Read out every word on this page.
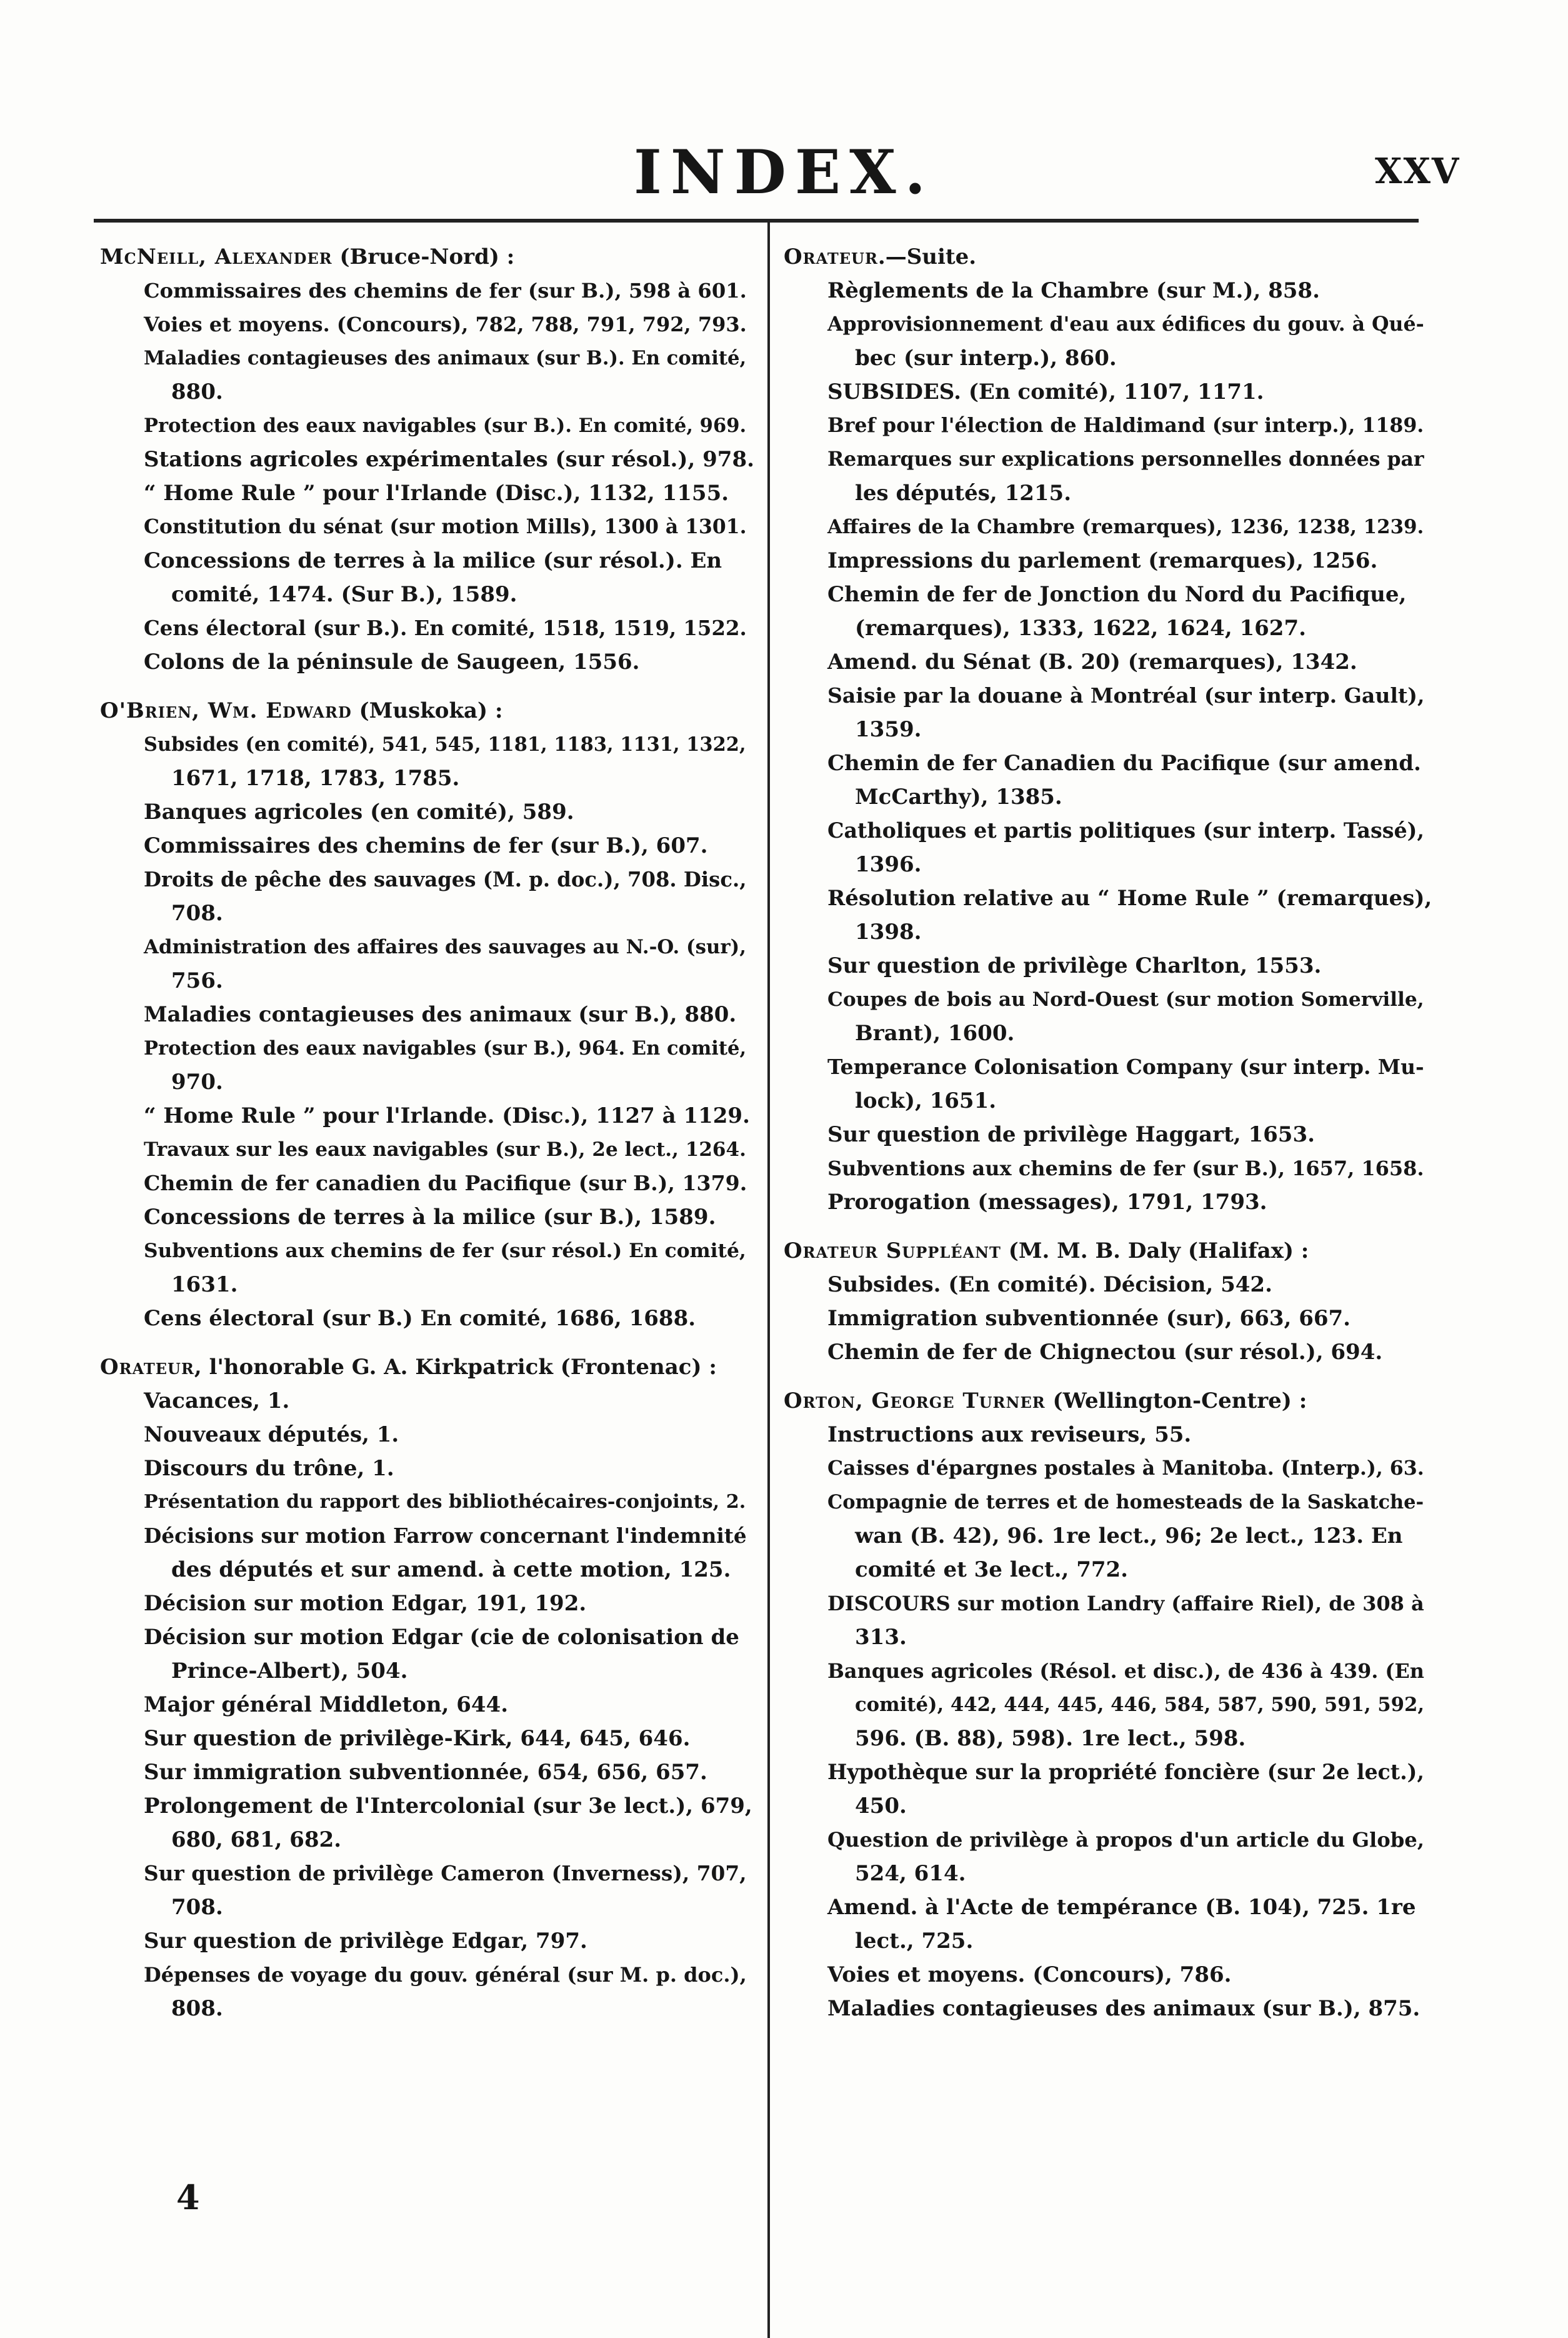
INDEX.	XXV
McNeill, Alexander (Bruce-Nord) :
Commissaires des chemins de fer (sur B.), 598 à 601.
Voies et moyens. (Concours), 782, 788, 791, 792, 793.
Maladies contagieuses des animaux (sur B.). En comité,
880.
Protection des eaux navigables (sur B.). En comité, 969.
Stations agricoles expérimentales (sur résol.), 978.
“ Home Rule ” pour l'Irlande (Disc.), 1132, 1155.
Constitution du sénat (sur motion Mills), 1300 à 1301.
Concessions de terres à la milice (sur résol.). En
comité, 1474. (Sur B.), 1589.
Cens électoral (sur B.). En comité, 1518, 1519, 1522.
Colons de la péninsule de Saugeen, 1556.
O'Brien, Wm. Edward (Muskoka) :
Subsides (en comité), 541, 545, 1181, 1183, 1131, 1322,
1671, 1718, 1783, 1785.
Banques agricoles (en comité), 589.
Commissaires des chemins de fer (sur B.), 607.
Droits de pêche des sauvages (M. p. doc.), 708. Disc.,
708.
Administration des affaires des sauvages au N.-O. (sur),
756.
Maladies contagieuses des animaux (sur B.), 880.
Protection des eaux navigables (sur B.), 964. En comité,
970.
“ Home Rule ” pour l'Irlande. (Disc.), 1127 à 1129.
Travaux sur les eaux navigables (sur B.), 2e lect., 1264.
Chemin de fer canadien du Pacifique (sur B.), 1379.
Concessions de terres à la milice (sur B.), 1589.
Subventions aux chemins de fer (sur résol.) En comité,
1631.
Cens électoral (sur B.) En comité, 1686, 1688.
Orateur, l'honorable G. A. Kirkpatrick (Frontenac) :
Vacances, 1.
Nouveaux députés, 1.
Discours du trône, 1.
Présentation du rapport des bibliothécaires-conjoints, 2.
Décisions sur motion Farrow concernant l'indemnité
des députés et sur amend. à cette motion, 125.
Décision sur motion Edgar, 191, 192.
Décision sur motion Edgar (cie de colonisation de
Prince-Albert), 504.
Major général Middleton, 644.
Sur question de privilège-Kirk, 644, 645, 646.
Sur immigration subventionnée, 654, 656, 657.
Prolongement de l'Intercolonial (sur 3e lect.), 679,
680, 681, 682.
Sur question de privilège Cameron (Inverness), 707,
708.
Sur question de privilège Edgar, 797.
Dépenses de voyage du gouv. général (sur M. p. doc.),
808.
Orateur.—Suite.
Règlements de la Chambre (sur M.), 858.
Approvisionnement d'eau aux édifices du gouv. à Qué-
bec (sur interp.), 860.
SUBSIDES. (En comité), 1107, 1171.
Bref pour l'élection de Haldimand (sur interp.), 1189.
Remarques sur explications personnelles données par
les députés, 1215.
Affaires de la Chambre (remarques), 1236, 1238, 1239.
Impressions du parlement (remarques), 1256.
Chemin de fer de Jonction du Nord du Pacifique,
(remarques), 1333, 1622, 1624, 1627.
Amend. du Sénat (B. 20) (remarques), 1342.
Saisie par la douane à Montréal (sur interp. Gault),
1359.
Chemin de fer Canadien du Pacifique (sur amend.
McCarthy), 1385.
Catholiques et partis politiques (sur interp. Tassé),
1396.
Résolution relative au “ Home Rule ” (remarques),
1398.
Sur question de privilège Charlton, 1553.
Coupes de bois au Nord-Ouest (sur motion Somerville,
Brant), 1600.
Temperance Colonisation Company (sur interp. Mu-
lock), 1651.
Sur question de privilège Haggart, 1653.
Subventions aux chemins de fer (sur B.), 1657, 1658.
Prorogation (messages), 1791, 1793.
Orateur Suppléant (M. M. B. Daly (Halifax) :
Subsides. (En comité). Décision, 542.
Immigration subventionnée (sur), 663, 667.
Chemin de fer de Chignectou (sur résol.), 694.
Orton, George Turner (Wellington-Centre) :
Instructions aux reviseurs, 55.
Caisses d'épargnes postales à Manitoba. (Interp.), 63.
Compagnie de terres et de homesteads de la Saskatche-
wan (B. 42), 96. 1re lect., 96; 2e lect., 123. En
comité et 3e lect., 772.
DISCOURS sur motion Landry (affaire Riel), de 308 à
313.
Banques agricoles (Résol. et disc.), de 436 à 439. (En
comité), 442, 444, 445, 446, 584, 587, 590, 591, 592,
596. (B. 88), 598). 1re lect., 598.
Hypothèque sur la propriété foncière (sur 2e lect.),
450.
Question de privilège à propos d'un article du Globe,
524, 614.
Amend. à l'Acte de tempérance (B. 104), 725. 1re
lect., 725.
Voies et moyens. (Concours), 786.
Maladies contagieuses des animaux (sur B.), 875.
4
